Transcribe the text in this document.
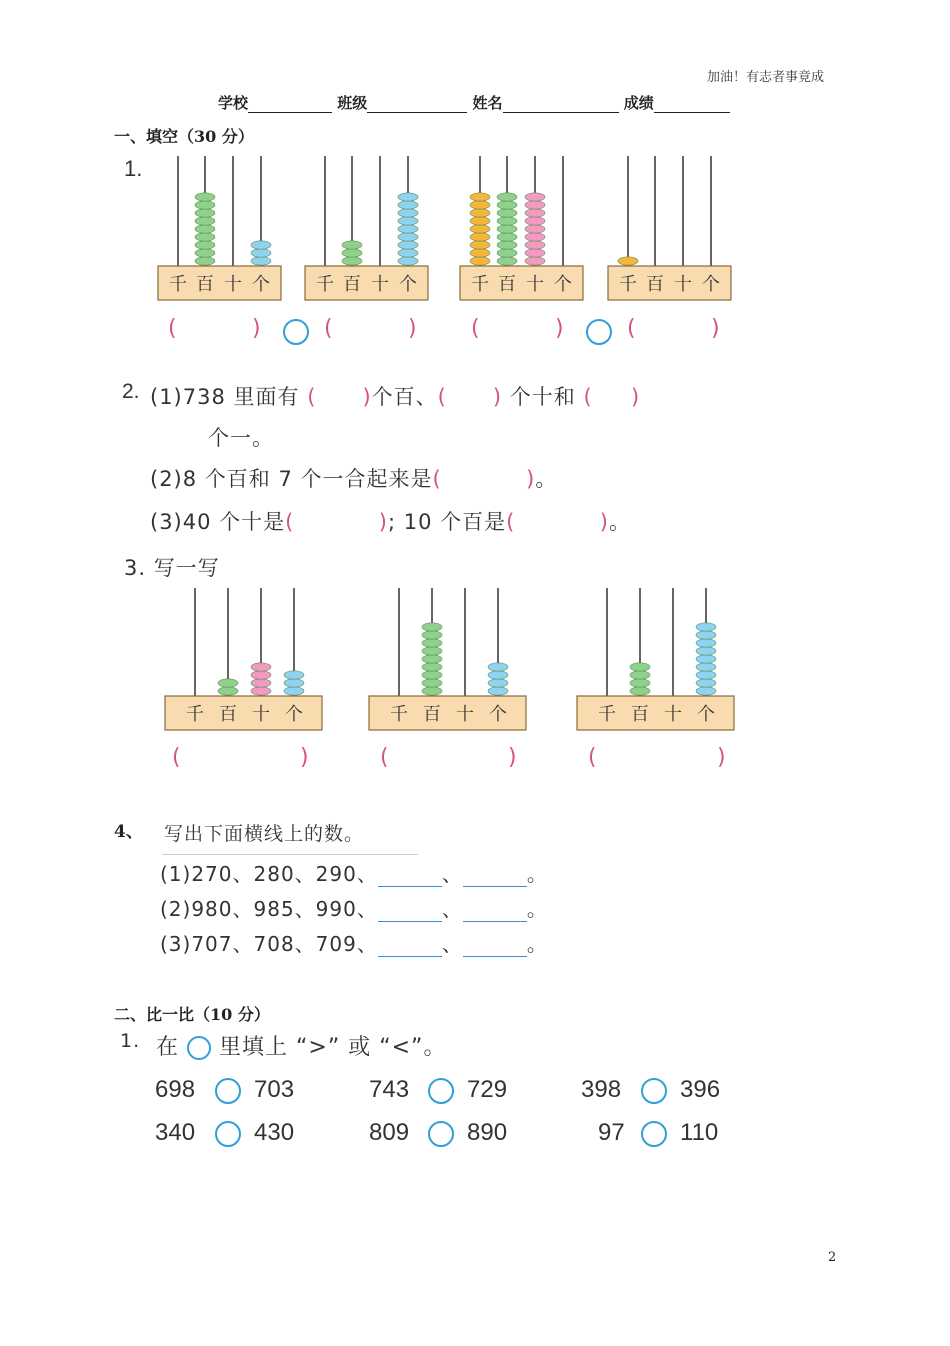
加油！有志者事竟成
学校	班级	姓名	成绩
一、填空（30 分）
1.
千 百 十 个	千 百 十 个	千 百 十 个	千 百 十 个
(	)	(	) (	)	(	)
2. (1)738 里面有 (      )个百、(      ) 个十和 (     )
个一。
(2)8 个百和 7 个一合起来是(           )。
(3)40 个十是(           ); 10 个百是(           )。
3. 写一写
千 百 十 个	千 百 十 个	千 百 十 个
(	)	(	)	(	)
4、 写出下面横线上的数。
(1)270、280、290、	、	。
(2)980、985、990、	、	。
(3)707、708、709、	、	。
二、比一比（10 分）
1. 在 里填上 “>” 或 “<”。
698 703	743 729	398 396
340 430	809 890	97 110
2
